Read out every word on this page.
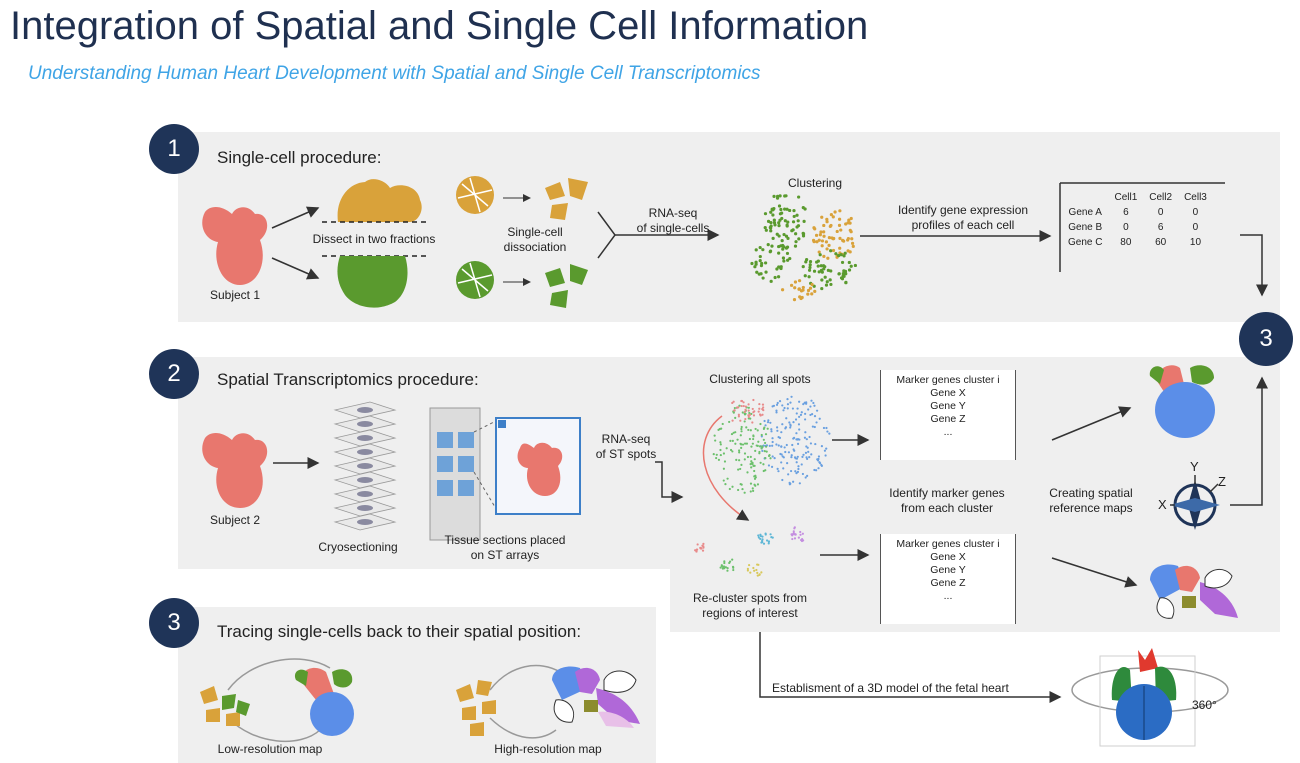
Integration of Spatial and Single Cell Information
Understanding Human Heart Development with Spatial and Single Cell Transcriptomics
1
2
3
3
Single-cell procedure:
Spatial Transcriptomics procedure:
Tracing single-cells back to their spatial position:
Subject 1
Dissect in two fractions	Single-cell
dissociation
RNA-seq
of single-cells
Clustering
Identify gene expression
profiles of each cell
	Cell1	Cell2	Cell3
Gene A	6	0	0
Gene B	0	6	0
Gene C	80	60	10
Subject 2
Cryosectioning	Tissue sections placed
on ST arrays
RNA-seq
of ST spots
Clustering all spots
Re-cluster spots from
regions of interest
Marker genes cluster i
Gene X
Gene Y
Gene Z
...
Identify marker genes
from each cluster
Marker genes cluster i
Gene X
Gene Y
Gene Z
...
Creating spatial
reference maps
Y
X
Z
Establisment of a 3D model of the fetal heart
360°
Low-resolution map	High-resolution map
